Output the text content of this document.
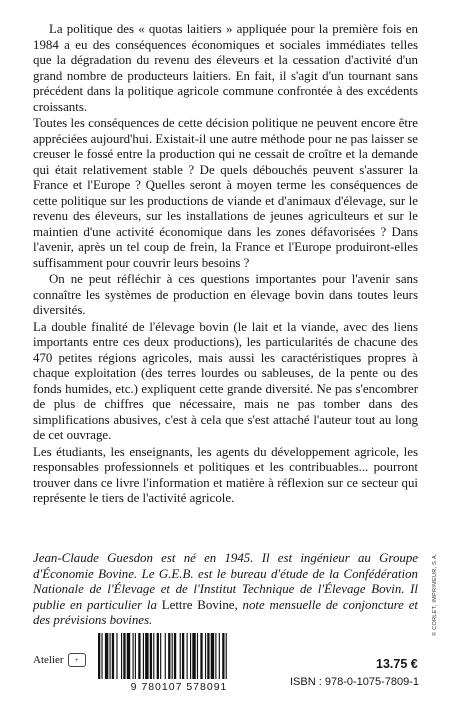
La politique des « quotas laitiers » appliquée pour la première fois en 1984 a eu des conséquences économiques et sociales immédiates telles que la dégradation du revenu des éleveurs et la cessation d'activité d'un grand nombre de producteurs laitiers. En fait, il s'agit d'un tournant sans précédent dans la politique agricole commune confrontée à des excédents croissants.

Toutes les conséquences de cette décision politique ne peuvent encore être appréciées aujourd'hui. Existait-il une autre méthode pour ne pas laisser se creuser le fossé entre la production qui ne cessait de croître et la demande qui était relativement stable ? De quels débouchés peuvent s'assurer la France et l'Europe ? Quelles seront à moyen terme les conséquences de cette politique sur les productions de viande et d'animaux d'élevage, sur le revenu des éleveurs, sur les installations de jeunes agriculteurs et sur le maintien d'une activité économique dans les zones défavorisées ? Dans l'avenir, après un tel coup de frein, la France et l'Europe produiront-elles suffisamment pour couvrir leurs besoins ?

On ne peut réfléchir à ces questions importantes pour l'avenir sans connaître les systèmes de production en élevage bovin dans toutes leurs diversités.

La double finalité de l'élevage bovin (le lait et la viande, avec des liens importants entre ces deux productions), les particularités de chacune des 470 petites régions agricoles, mais aussi les caractéristiques propres à chaque exploitation (des terres lourdes ou sableuses, de la pente ou des fonds humides, etc.) expliquent cette grande diversité. Ne pas s'encombrer de plus de chiffres que nécessaire, mais ne pas tomber dans des simplifications abusives, c'est à cela que s'est attaché l'auteur tout au long de cet ouvrage.

Les étudiants, les enseignants, les agents du développement agricole, les responsables professionnels et politiques et les contribuables... pourront trouver dans ce livre l'information et matière à réflexion sur ce secteur qui représente le tiers de l'activité agricole.

Jean-Claude Guesdon est né en 1945. Il est ingénieur au Groupe d'Économie Bovine. Le G.E.B. est le bureau d'étude de la Confédération Nationale de l'Élevage et de l'Institut Technique de l'Élevage Bovin. Il publie en particulier la Lettre Bovine, note mensuelle de conjoncture et des prévisions bovines.	© CORLET, IMPRIMEUR, S.A.
Atelier	+
9 780107 578091
13.75 €
ISBN : 978-0-1075-7809-1
